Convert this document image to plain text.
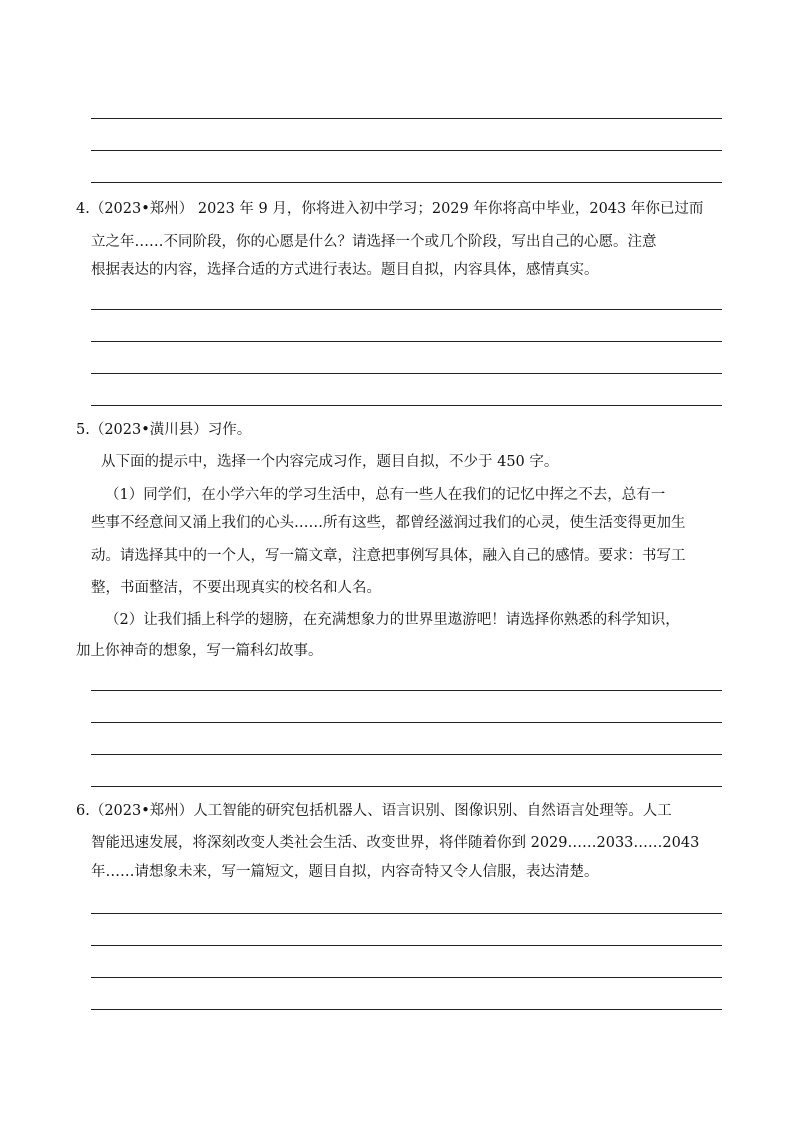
4.（2023•郑州） 2023 年 9 月，你将进入初中学习；2029 年你将高中毕业，2043 年你已过而
立之年……不同阶段，你的心愿是什么？请选择一个或几个阶段，写出自己的心愿。注意
根据表达的内容，选择合适的方式进行表达。题目自拟，内容具体，感情真实。
5.（2023•潢川县）习作。
从下面的提示中，选择一个内容完成习作，题目自拟，不少于 450 字。
（1）同学们，在小学六年的学习生活中，总有一些人在我们的记忆中挥之不去，总有一
些事不经意间又涌上我们的心头……所有这些，都曾经滋润过我们的心灵，使生活变得更加生
动。请选择其中的一个人，写一篇文章，注意把事例写具体，融入自己的感情。要求：书写工
整，书面整洁，不要出现真实的校名和人名。
（2）让我们插上科学的翅膀，在充满想象力的世界里遨游吧！请选择你熟悉的科学知识，
加上你神奇的想象，写一篇科幻故事。
6.（2023•郑州）人工智能的研究包括机器人、语言识别、图像识别、自然语言处理等。人工
智能迅速发展，将深刻改变人类社会生活、改变世界，将伴随着你到 2029……2033……2043
年……请想象未来，写一篇短文，题目自拟，内容奇特又令人信服，表达清楚。
